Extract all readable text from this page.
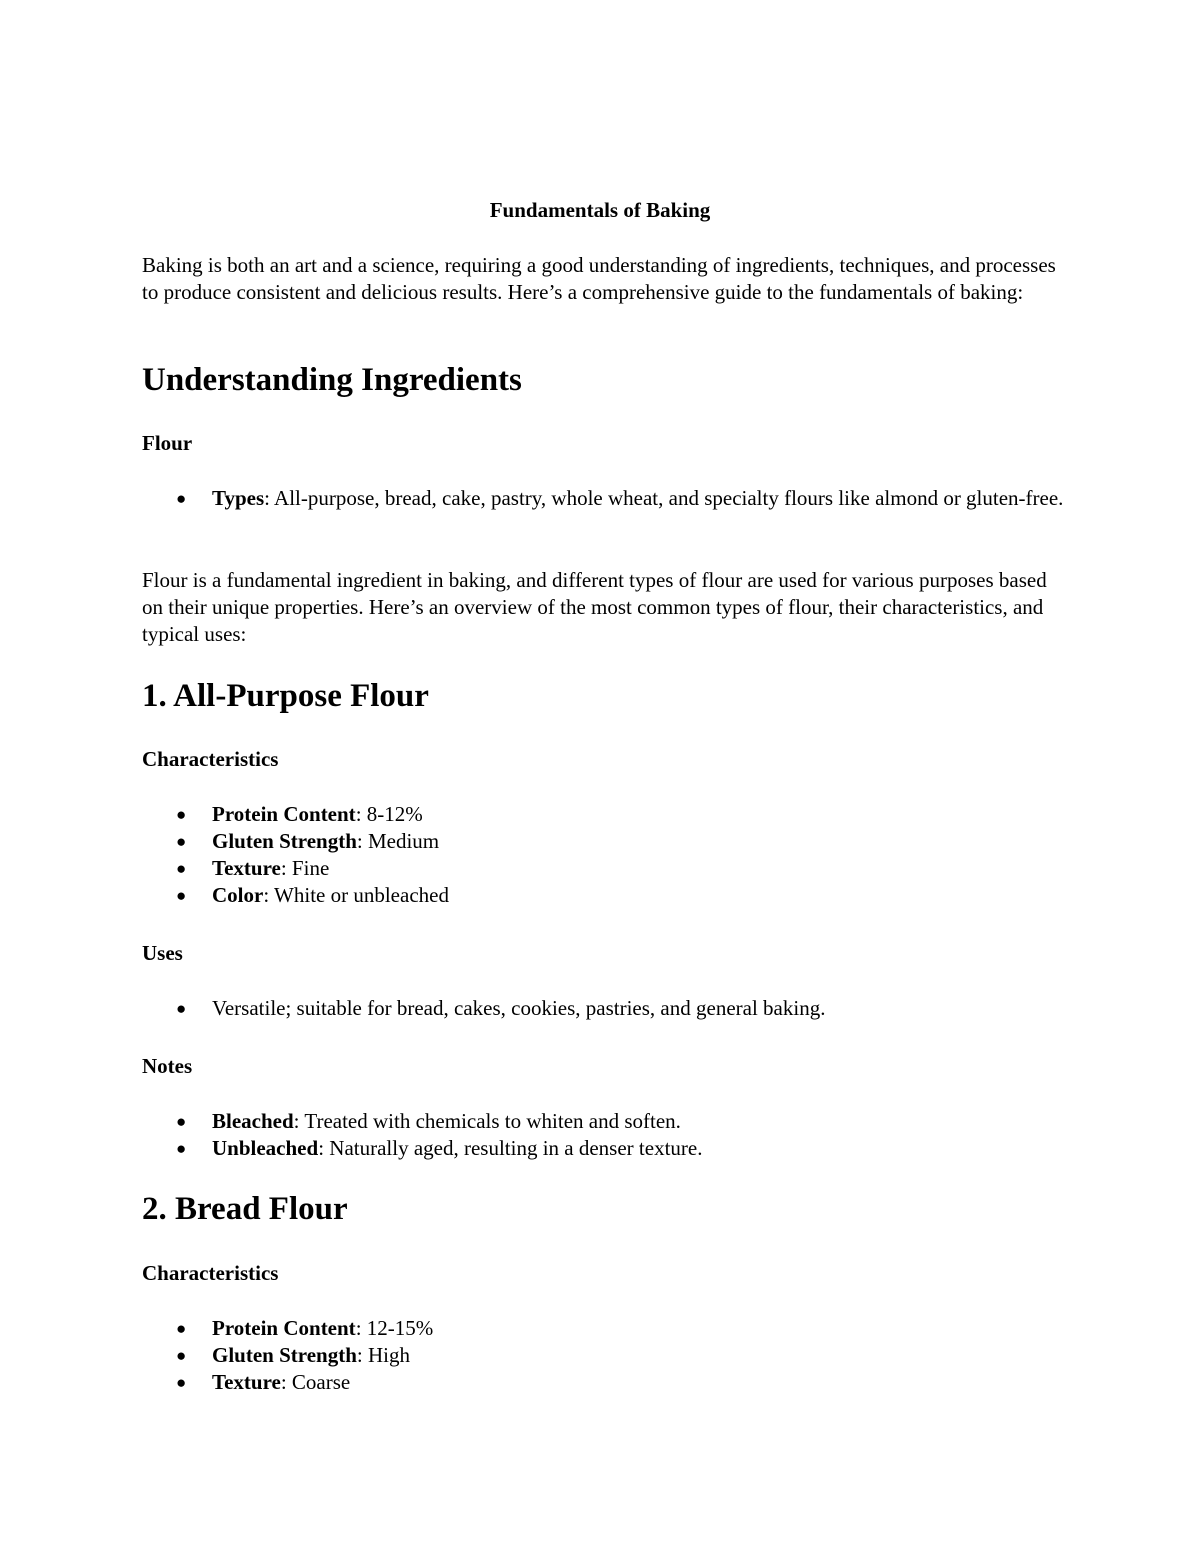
Fundamentals of Baking

Baking is both an art and a science, requiring a good understanding of ingredients, techniques, and processes to produce consistent and delicious results. Here’s a comprehensive guide to the fundamentals of baking:

Understanding Ingredients
Flour
● Types: All-purpose, bread, cake, pastry, whole wheat, and specialty flours like almond or gluten-free.

Flour is a fundamental ingredient in baking, and different types of flour are used for various purposes based on their unique properties. Here’s an overview of the most common types of flour, their characteristics, and typical uses:

1. All-Purpose Flour
Characteristics
● Protein Content: 8-12%
● Gluten Strength: Medium
● Texture: Fine
● Color: White or unbleached
Uses
● Versatile; suitable for bread, cakes, cookies, pastries, and general baking.
Notes
● Bleached: Treated with chemicals to whiten and soften.
● Unbleached: Naturally aged, resulting in a denser texture.
2. Bread Flour
Characteristics
● Protein Content: 12-15%
● Gluten Strength: High
● Texture: Coarse
